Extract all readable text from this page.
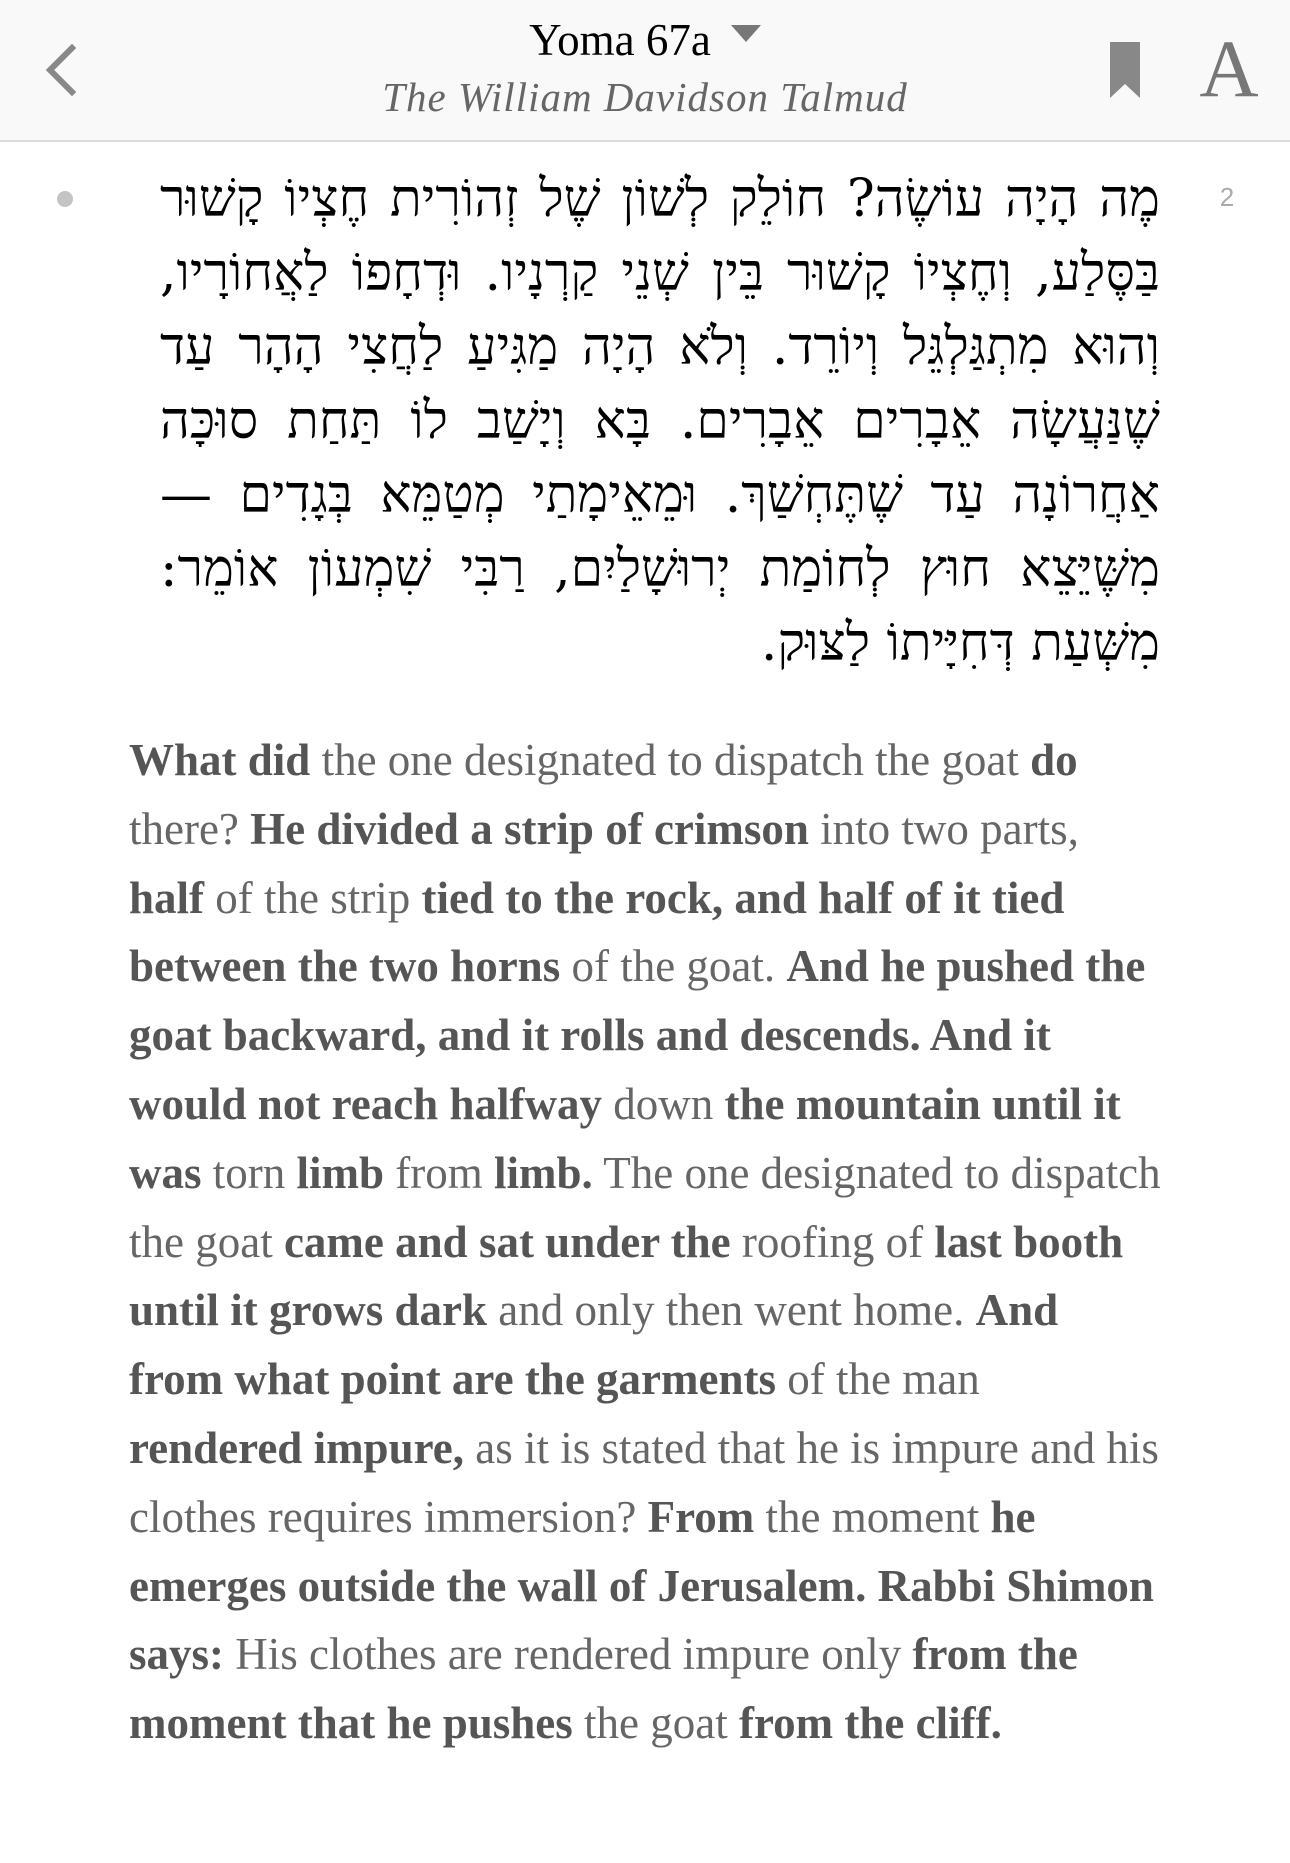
Yoma 67a
The William Davidson Talmud	A
2
מֶה הָיָה עוֹשֶׂה? חוֹלֵק לְשׁוֹן שֶׁל זְהוֹרִית חֶצְיוֹ קָשׁוּר בַּסֶּלַע, וְחֶצְיוֹ קָשׁוּר בֵּין שְׁנֵי קַרְנָיו. וּדְחָפוֹ לַאֲחוֹרָיו, וְהוּא מִתְגַּלְגֵּל וְיוֹרֵד. וְלֹא הָיָה מַגִּיעַ לַחֲצִי הָהָר עַד שֶׁנַּעֲשָׂה אֵבָרִים אֵבָרִים. בָּא וְיָשַׁב לוֹ תַּחַת סוּכָּה אַחֲרוֹנָה עַד שֶׁתֶּחְשַׁךְ. וּמֵאֵימָתַי מְטַמֵּא בְּגָדִים — מִשֶּׁיֵּצֵא חוּץ לְחוֹמַת יְרוּשָׁלַיִם, רַבִּי שִׁמְעוֹן אוֹמֵר: מִשְּׁעַת דְּחִיָּיתוֹ לַצּוּק.
What did the one designated to dispatch the goat do there? He divided a strip of crimson into two parts, half of the strip tied to the rock, and half of it tied between the two horns of the goat. And he pushed the goat backward, and it rolls and descends. And it would not reach halfway down the mountain until it was torn limb from limb. The one designated to dispatch the goat came and sat under the roofing of last booth until it grows dark and only then went home. And from what point are the garments of the man rendered impure, as it is stated that he is impure and his clothes requires immersion? From the moment he emerges outside the wall of Jerusalem. Rabbi Shimon says: His clothes are rendered impure only from the moment that he pushes the goat from the cliff.
